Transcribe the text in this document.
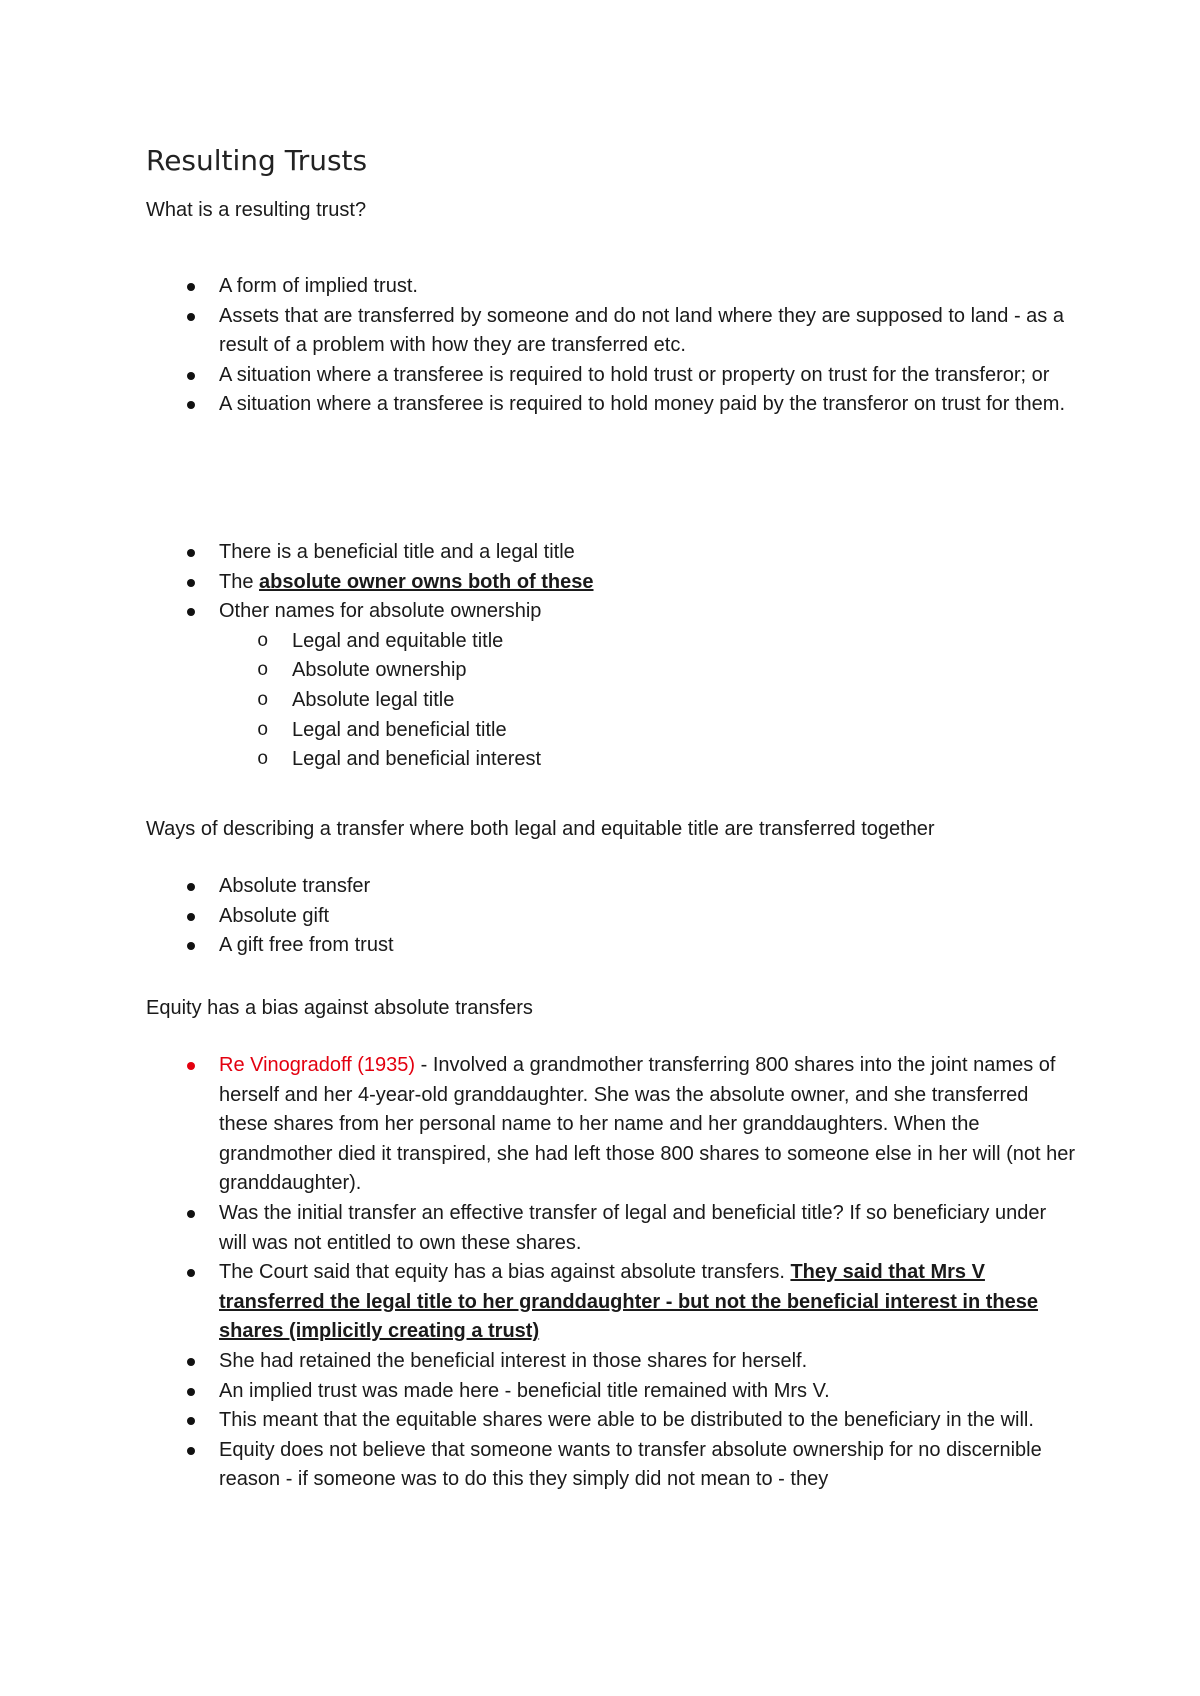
Resulting Trusts

What is a resulting trust?

A form of implied trust.
Assets that are transferred by someone and do not land where they are supposed to land - as a result of a problem with how they are transferred etc.
A situation where a transferee is required to hold trust or property on trust for the transferor; or
A situation where a transferee is required to hold money paid by the transferor on trust for them.
There is a beneficial title and a legal title
The absolute owner owns both of these
Other names for absolute ownership
o Legal and equitable title
o Absolute ownership
o Absolute legal title
o Legal and beneficial title
o Legal and beneficial interest

Ways of describing a transfer where both legal and equitable title are transferred together

Absolute transfer
Absolute gift
A gift free from trust

Equity has a bias against absolute transfers

Re Vinogradoff (1935) - Involved a grandmother transferring 800 shares into the joint names of herself and her 4-year-old granddaughter. She was the absolute owner, and she transferred these shares from her personal name to her name and her granddaughters. When the grandmother died it transpired, she had left those 800 shares to someone else in her will (not her granddaughter).
Was the initial transfer an effective transfer of legal and beneficial title? If so beneficiary under will was not entitled to own these shares.
The Court said that equity has a bias against absolute transfers. They said that Mrs V transferred the legal title to her granddaughter - but not the beneficial interest in these shares (implicitly creating a trust)
She had retained the beneficial interest in those shares for herself.
An implied trust was made here - beneficial title remained with Mrs V.
This meant that the equitable shares were able to be distributed to the beneficiary in the will.
Equity does not believe that someone wants to transfer absolute ownership for no discernible reason - if someone was to do this they simply did not mean to - they
